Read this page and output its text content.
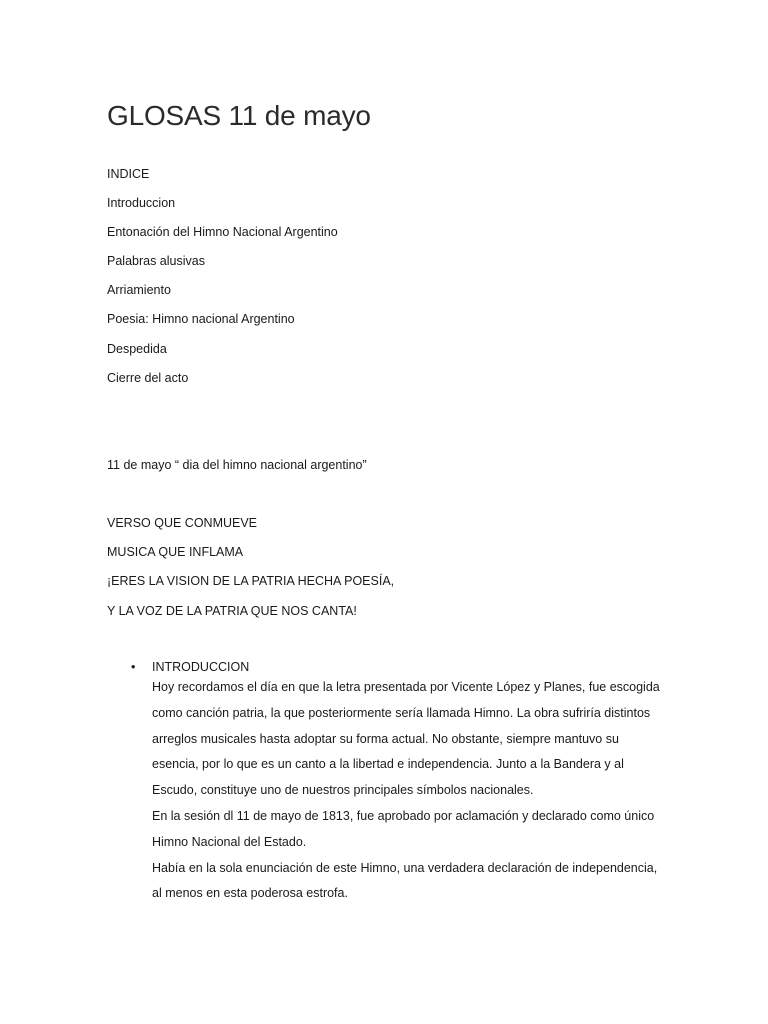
GLOSAS 11 de mayo
INDICE
Introduccion
Entonación del Himno Nacional Argentino
Palabras alusivas
Arriamiento
Poesia: Himno nacional Argentino
Despedida
Cierre del acto
11 de mayo “ dia del himno nacional argentino”
VERSO QUE CONMUEVE
MUSICA QUE INFLAMA
¡ERES LA VISION DE LA PATRIA HECHA POESÍA,
Y LA VOZ DE LA PATRIA QUE NOS CANTA!
• INTRODUCCION

Hoy recordamos el día en que la letra presentada por Vicente López y Planes, fue escogida
como canción patria, la que posteriormente sería llamada Himno. La obra sufriría distintos
arreglos musicales hasta adoptar su forma actual. No obstante, siempre mantuvo su
esencia, por lo que es un canto a la libertad e independencia. Junto a la Bandera y al
Escudo, constituye uno de nuestros principales símbolos nacionales.
En la sesión dl 11 de mayo de 1813, fue aprobado por aclamación y declarado como único
Himno Nacional del Estado.
Había en la sola enunciación de este Himno, una verdadera declaración de independencia,
al menos en esta poderosa estrofa.
